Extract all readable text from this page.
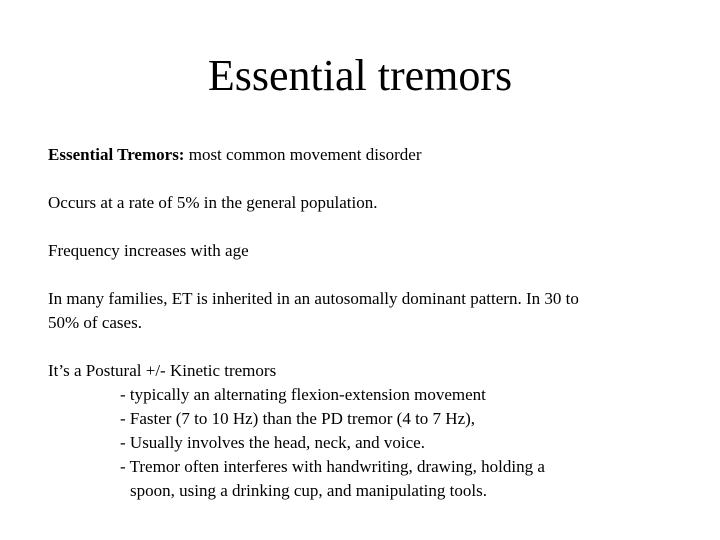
Essential tremors

Essential Tremors: most common movement disorder

Occurs at a rate of 5% in the general population.

Frequency increases with age

In many families, ET is inherited in an autosomally dominant pattern. In 30 to
50% of cases.

It’s a Postural +/- Kinetic tremors
- typically an alternating flexion-extension movement
- Faster (7 to 10 Hz) than the PD tremor (4 to 7 Hz),
- Usually involves the head, neck, and voice.
- Tremor often interferes with handwriting, drawing, holding a
spoon, using a drinking cup, and manipulating tools.
